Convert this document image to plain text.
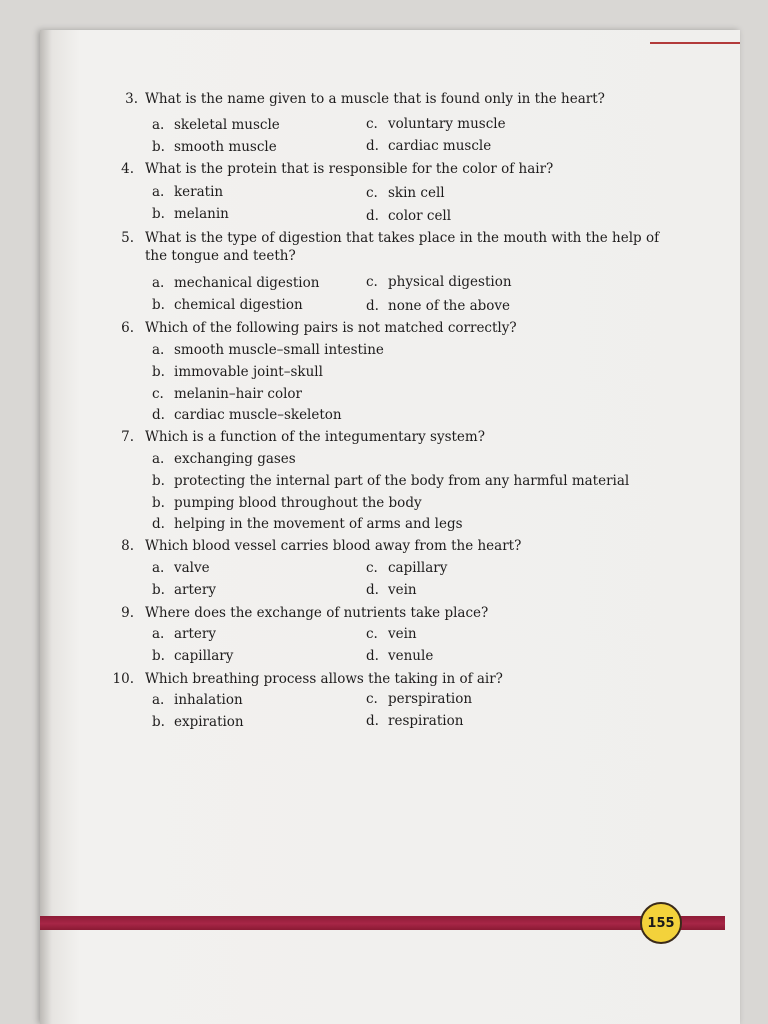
3. What is the name given to a muscle that is found only in the heart?
a. skeletal muscle	c. voluntary muscle
b. smooth muscle	d. cardiac muscle
4. What is the protein that is responsible for the color of hair?
a. keratin	c. skin cell
b. melanin	d. color cell
5. What is the type of digestion that takes place in the mouth with the help of the tongue and teeth?
a. mechanical digestion	c. physical digestion
b. chemical digestion	d. none of the above
6. Which of the following pairs is not matched correctly?
a. smooth muscle–small intestine
b. immovable joint–skull
c. melanin–hair color
d. cardiac muscle–skeleton
7. Which is a function of the integumentary system?
a. exchanging gases
b. protecting the internal part of the body from any harmful material
b. pumping blood throughout the body
d. helping in the movement of arms and legs
8. Which blood vessel carries blood away from the heart?
a. valve	c. capillary
b. artery	d. vein
9. Where does the exchange of nutrients take place?
a. artery	c. vein
b. capillary	d. venule
10. Which breathing process allows the taking in of air?
a. inhalation	c. perspiration
b. expiration	d. respiration
155
